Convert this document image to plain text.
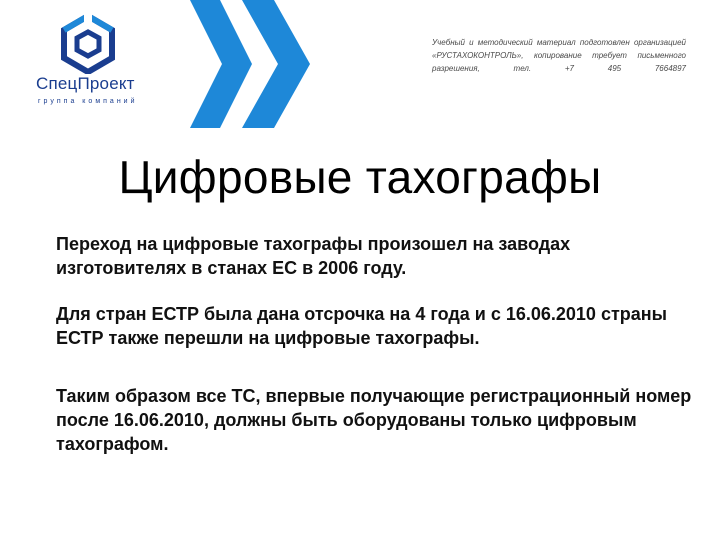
СпецПроект
группа компаний
Учебный и методический материал подготовлен организацией «РУСТАХОКОНТРОЛЬ», копирование требует письменного разрешения, тел. +7 495 7664897
Цифровые тахографы

Переход на цифровые тахографы произошел на заводах изготовителях в станах ЕС в 2006 году.

Для стран ЕСТР была дана отсрочка на 4 года и с 16.06.2010 страны ЕСТР также перешли на цифровые тахографы.

Таким образом все ТС, впервые получающие регистрационный номер после 16.06.2010, должны быть оборудованы только цифровым тахографом.
